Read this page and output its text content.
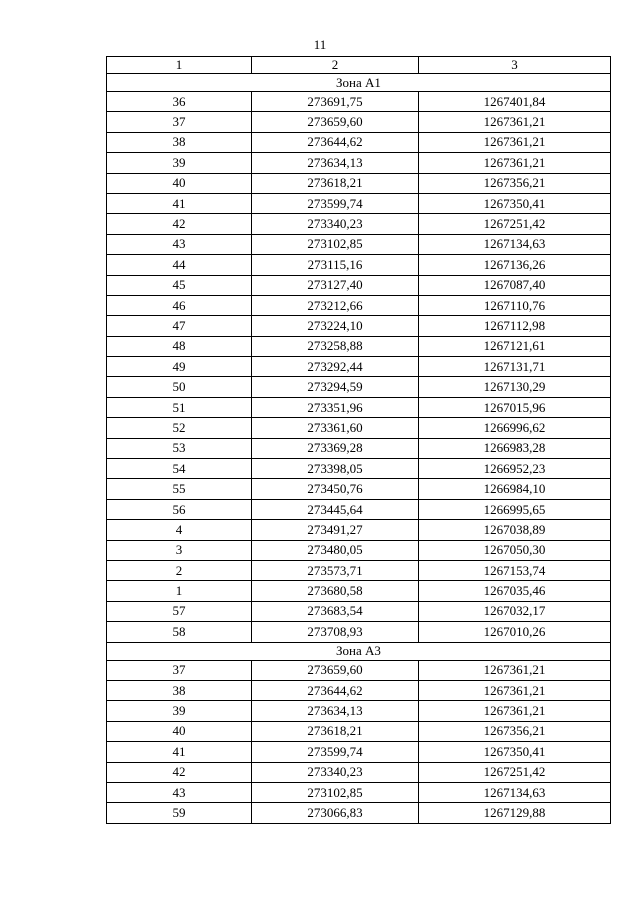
11
1	2	3
Зона А1		
36	273691,75	1267401,84
37	273659,60	1267361,21
38	273644,62	1267361,21
39	273634,13	1267361,21
40	273618,21	1267356,21
41	273599,74	1267350,41
42	273340,23	1267251,42
43	273102,85	1267134,63
44	273115,16	1267136,26
45	273127,40	1267087,40
46	273212,66	1267110,76
47	273224,10	1267112,98
48	273258,88	1267121,61
49	273292,44	1267131,71
50	273294,59	1267130,29
51	273351,96	1267015,96
52	273361,60	1266996,62
53	273369,28	1266983,28
54	273398,05	1266952,23
55	273450,76	1266984,10
56	273445,64	1266995,65
4	273491,27	1267038,89
3	273480,05	1267050,30
2	273573,71	1267153,74
1	273680,58	1267035,46
57	273683,54	1267032,17
58	273708,93	1267010,26
Зона А3		
37	273659,60	1267361,21
38	273644,62	1267361,21
39	273634,13	1267361,21
40	273618,21	1267356,21
41	273599,74	1267350,41
42	273340,23	1267251,42
43	273102,85	1267134,63
59	273066,83	1267129,88
